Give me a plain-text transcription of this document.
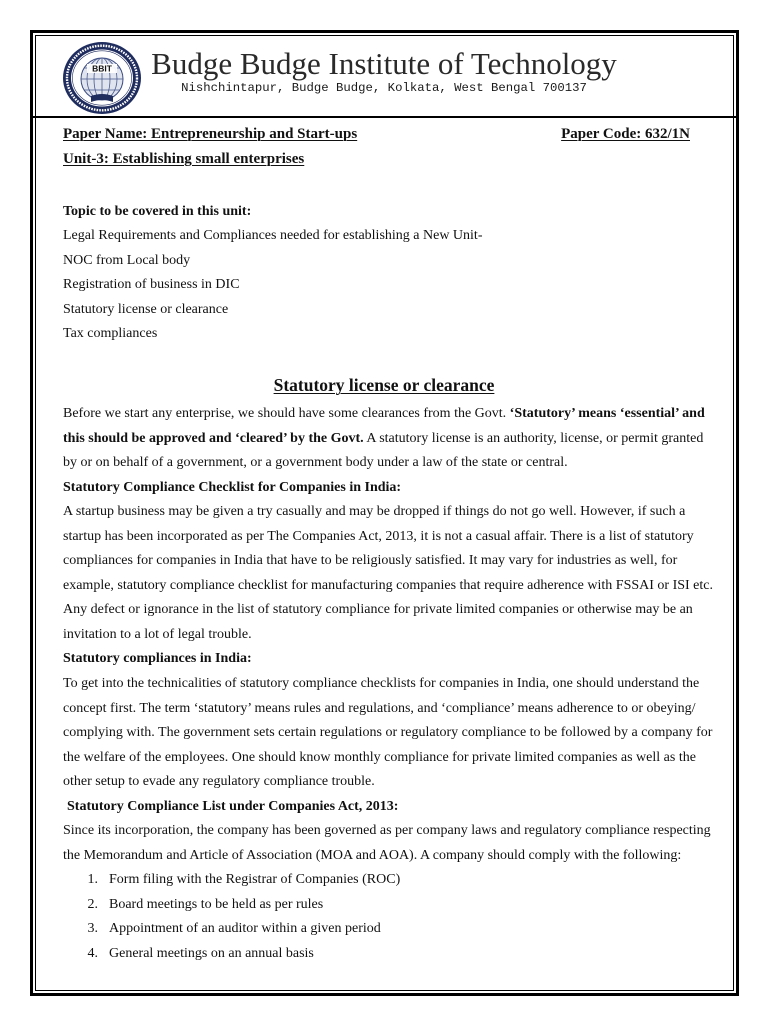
BBIT	Budge Budge Institute of Technology
Nishchintapur, Budge Budge, Kolkata, West Bengal 700137
Paper Name: Entrepreneurship and Start-ups	Paper Code: 632/1N
Unit-3: Establishing small enterprises
Topic to be covered in this unit:
Legal Requirements and Compliances needed for establishing a New Unit-
NOC from Local body
Registration of business in DIC
Statutory license or clearance
Tax compliances
Statutory license or clearance
Before we start any enterprise, we should have some clearances from the Govt. ‘Statutory’ means ‘essential’ and
this should be approved and ‘cleared’ by the Govt. A statutory license is an authority, license, or permit granted
by or on behalf of a government, or a government body under a law of the state or central.
Statutory Compliance Checklist for Companies in India:
A startup business may be given a try casually and may be dropped if things do not go well. However, if such a
startup has been incorporated as per The Companies Act, 2013, it is not a casual affair. There is a list of statutory
compliances for companies in India that have to be religiously satisfied. It may vary for industries as well, for
example, statutory compliance checklist for manufacturing companies that require adherence with FSSAI or ISI etc.
Any defect or ignorance in the list of statutory compliance for private limited companies or otherwise may be an
invitation to a lot of legal trouble.
Statutory compliances in India:
To get into the technicalities of statutory compliance checklists for companies in India, one should understand the
concept first. The term ‘statutory’ means rules and regulations, and ‘compliance’ means adherence to or obeying/
complying with. The government sets certain regulations or regulatory compliance to be followed by a company for
the welfare of the employees. One should know monthly compliance for private limited companies as well as the
other setup to evade any regulatory compliance trouble.
Statutory Compliance List under Companies Act, 2013:
Since its incorporation, the company has been governed as per company laws and regulatory compliance respecting
the Memorandum and Article of Association (MOA and AOA). A company should comply with the following:
1. Form filing with the Registrar of Companies (ROC)
2. Board meetings to be held as per rules
3. Appointment of an auditor within a given period
4. General meetings on an annual basis
